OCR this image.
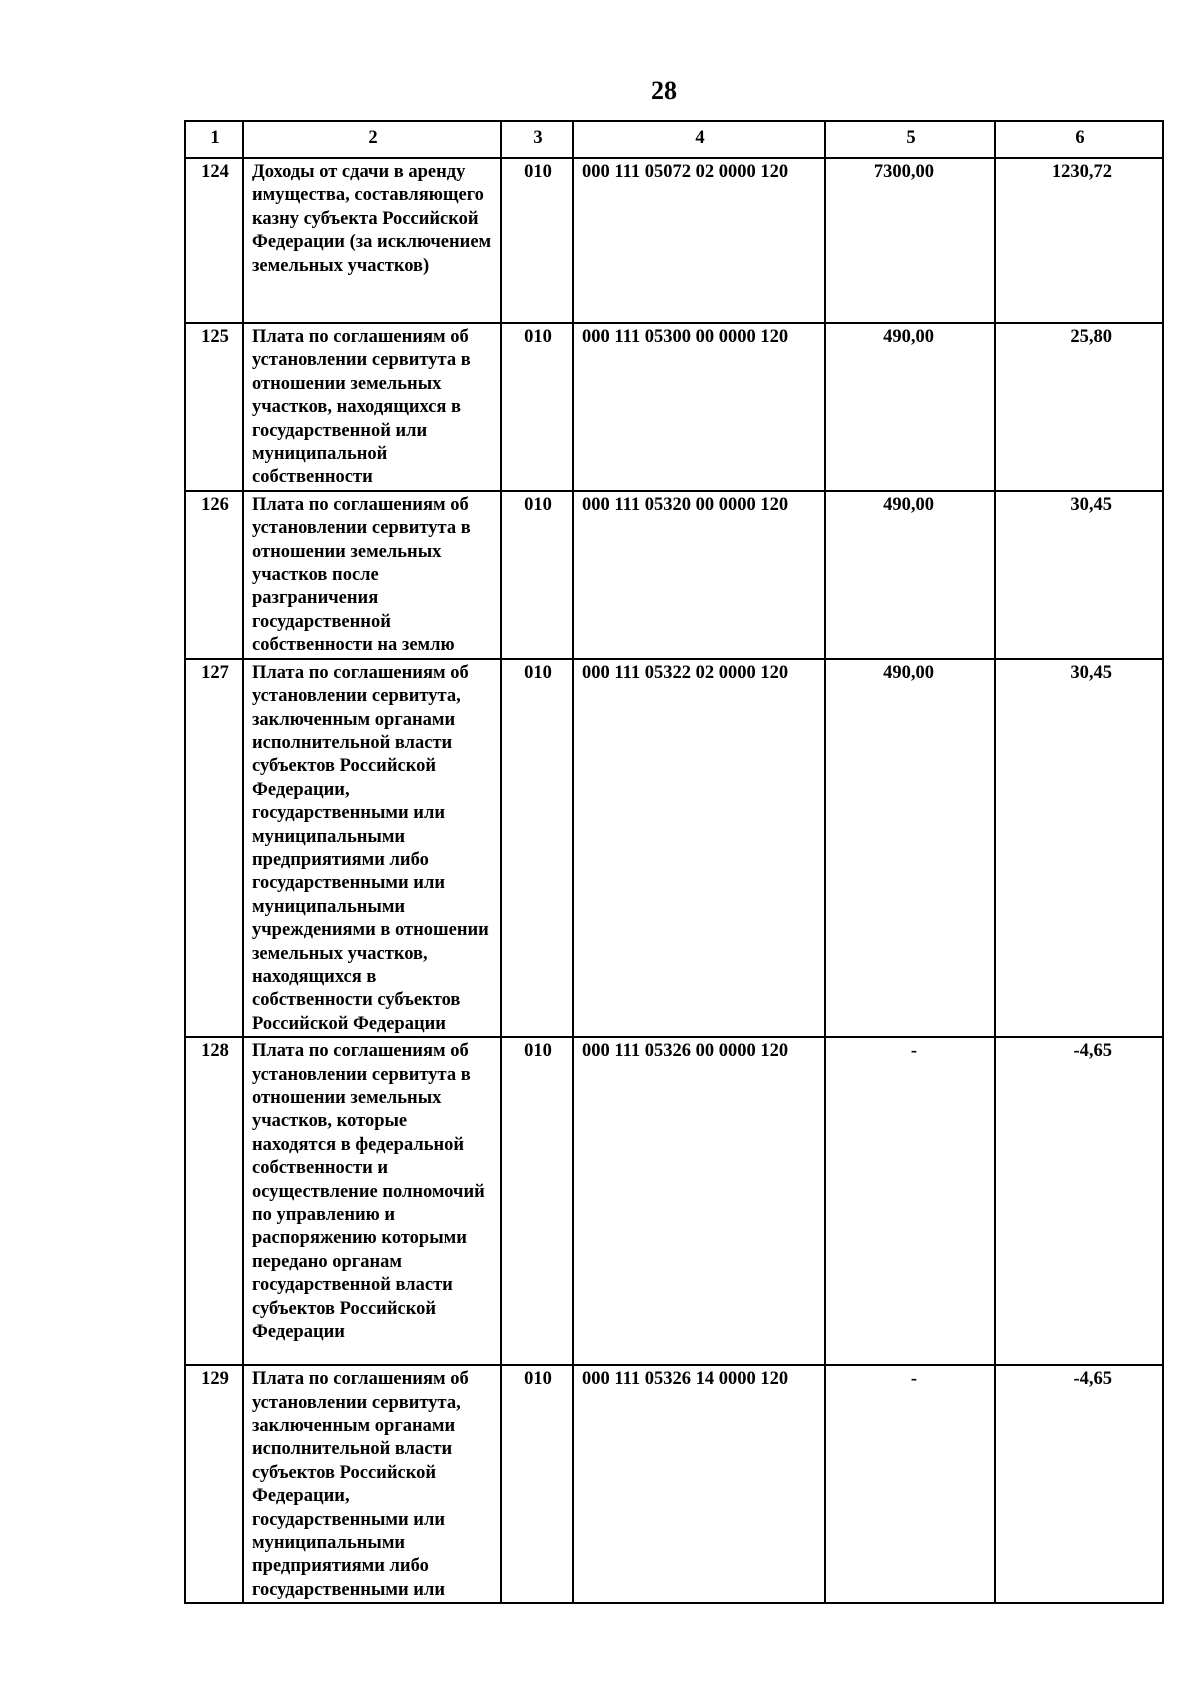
28
1	2	3	4	5	6
124	Доходы от сдачи в аренду имущества, составляющего казну субъекта Российской Федерации (за исключением земельных участков)	010	000 111 05072 02 0000 120	7300,00	1230,72
125	Плата по соглашениям об установлении сервитута в отношении земельных участков, находящихся в государственной или муниципальной собственности	010	000 111 05300 00 0000 120	490,00	25,80
126	Плата по соглашениям об установлении сервитута в отношении земельных участков после разграничения государственной собственности на землю	010	000 111 05320 00 0000 120	490,00	30,45
127	Плата по соглашениям об установлении сервитута, заключенным органами исполнительной власти субъектов Российской Федерации, государственными или муниципальными предприятиями либо государственными или муниципальными учреждениями в отношении земельных участков, находящихся в собственности субъектов Российской Федерации	010	000 111 05322 02 0000 120	490,00	30,45
128	Плата по соглашениям об установлении сервитута в отношении земельных участков, которые находятся в федеральной собственности и осуществление полномочий по управлению и распоряжению которыми передано органам государственной власти субъектов Российской Федерации	010	000 111 05326 00 0000 120	-	-4,65
129	Плата по соглашениям об установлении сервитута, заключенным органами исполнительной власти субъектов Российской Федерации, государственными или муниципальными предприятиями либо государственными или	010	000 111 05326 14 0000 120	-	-4,65
